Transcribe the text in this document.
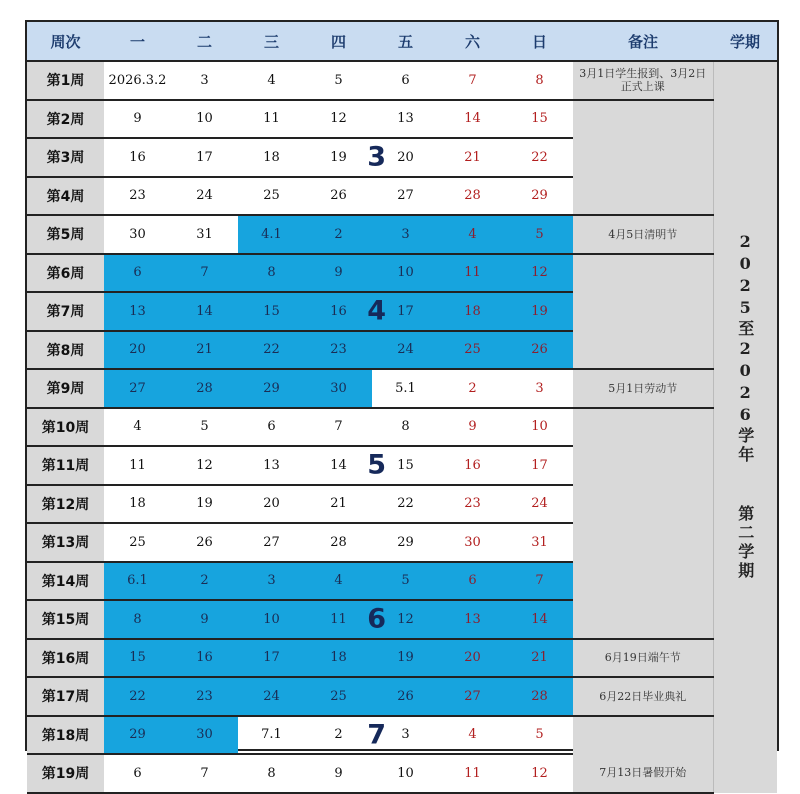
周次	一	二	三	四	五	六	日	备注	学期
第1周	2026.3.2	3	4	5	6	7	8	3月1日学生报到、3月2日正式上课	2025至2026学年
第二学期
第2周	9	10	11	12	13	14	15		
第3周	16	17	18	19 3	20	21	22		
第4周	23	24	25	26	27	28	29		
第5周	30	31	4.1	2	3	4	5	4月5日清明节	
第6周	6	7	8	9	10	11	12		
第7周	13	14	15	16 4	17	18	19		
第8周	20	21	22	23	24	25	26		
第9周	27	28	29	30	5.1	2	3	5月1日劳动节	
第10周	4	5	6	7	8	9	10		
第11周	11	12	13	14 5	15	16	17		
第12周	18	19	20	21	22	23	24		
第13周	25	26	27	28	29	30	31		
第14周	6.1	2	3	4	5	6	7		
第15周	8	9	10	11 6	12	13	14		
第16周	15	16	17	18	19	20	21	6月19日端午节	
第17周	22	23	24	25	26	27	28	6月22日毕业典礼	
第18周	29	30	7.1	2 7	3	4	5		
第19周	6	7	8	9	10	11	12	7月13日暑假开始	
